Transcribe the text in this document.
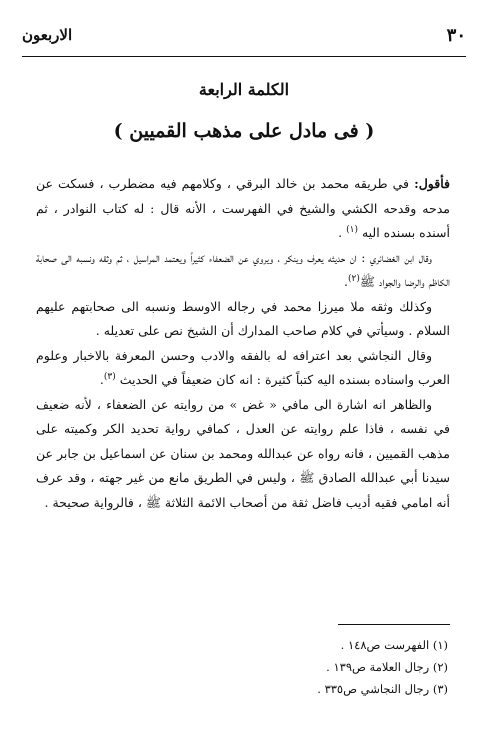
٣٠
الاربعون
الكلمة الرابعة
( فى مادل على مذهب القميين )

فأقول: في طريقه محمد بن خالد البرقي ، وكلامهم فيه مضطرب ، فسكت عن مدحه وقدحه الكشي والشيخ في الفهرست ، الأنه قال : له كتاب النوادر ، ثم أسنده بسنده اليه $^{(١)}$ .

وقال ابن الغضائري : ان حديثه يعرف وينكر ، ويروي عن الضعفاء كثيراً ويعتمد المراسيل ، ثم وثقه ونسبه الى صحابة الكاظم والرضا والجواد ﷺ$^{(٢)}$.

وكذلك وثقه ملا ميرزا محمد في رجاله الاوسط ونسبه الى صحابتهم عليهم السلام . وسيأتي في كلام صاحب المدارك أن الشيخ نص على تعديله .

وقال النجاشي بعد اعترافه له بالفقه والادب وحسن المعرفة بالاخبار وعلوم العرب واسناده بسنده اليه كتباً كثيرة : انه كان ضعيفاً في الحديث $^{(٣)}$.

والظاهر انه اشارة الى مافي « غض » من روايته عن الضعفاء ، لأنه ضعيف في نفسه ، فاذا علم روايته عن العدل ، كمافي رواية تحديد الكر وكميته على مذهب القميين ، فانه رواه عن عبدالله ومحمد بن سنان عن اسماعيل بن جابر عن سيدنا أبي عبدالله الصادق ﷺ ، وليس في الطريق مانع من غير جهته ، وقد عرف أنه امامي فقيه أديب فاضل ثقة من أصحاب الائمة الثلاثة ﷺ ، فالرواية صحيحة .

(١) الفهرست ص١٤٨ .
(٢) رجال العلامة ص١٣٩ .
(٣) رجال النجاشي ص٣٣٥ .
